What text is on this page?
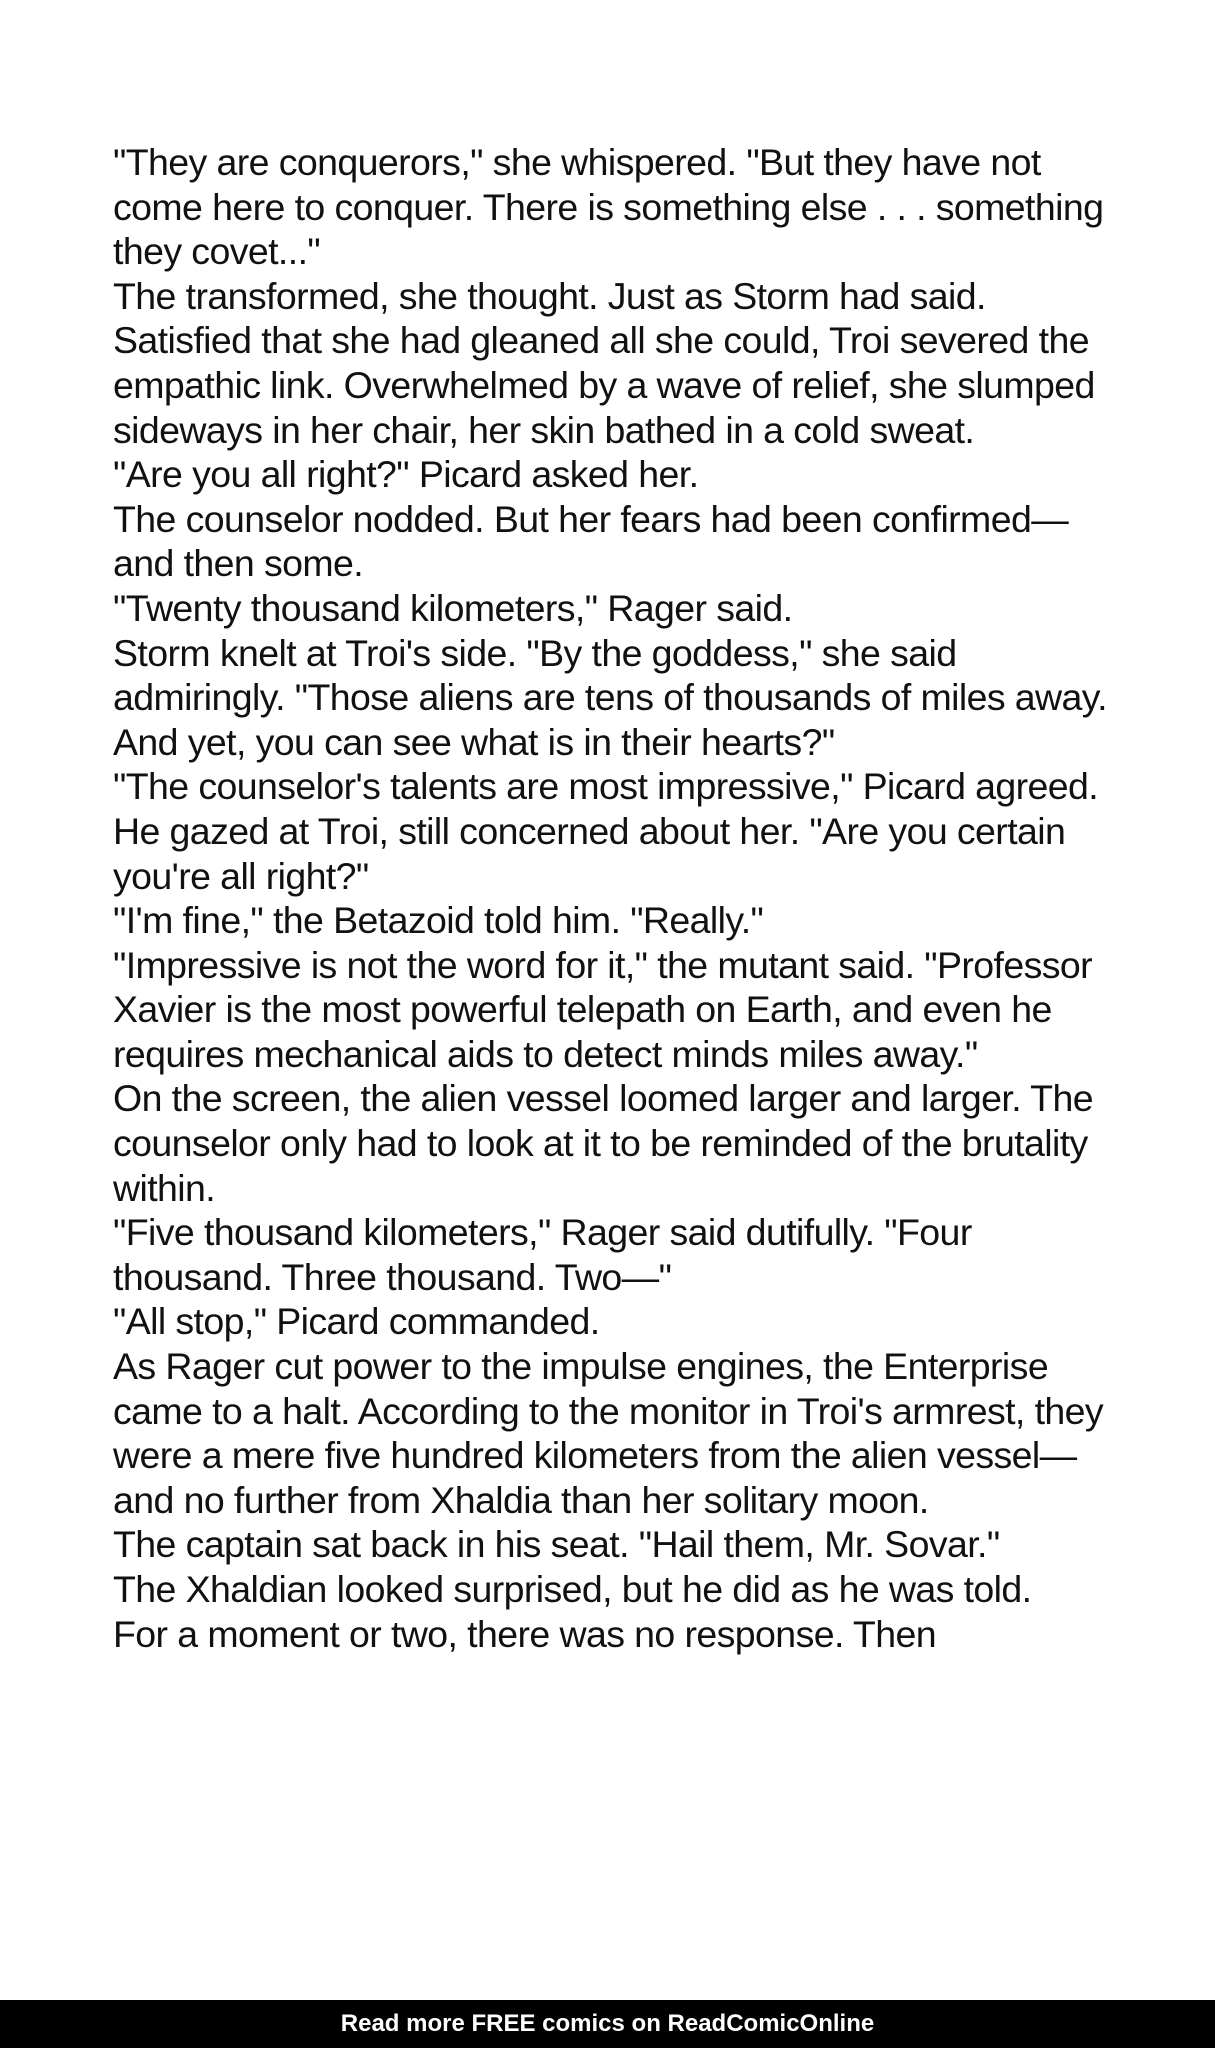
"They are conquerors," she whispered. "But they have not come here to conquer. There is something else . . . something they covet..."

The transformed, she thought. Just as Storm had said. Satisfied that she had gleaned all she could, Troi severed the empathic link. Overwhelmed by a wave of relief, she slumped sideways in her chair, her skin bathed in a cold sweat.

"Are you all right?" Picard asked her.

The counselor nodded. But her fears had been confirmed—and then some.

"Twenty thousand kilometers," Rager said.

Storm knelt at Troi's side. "By the goddess," she said admiringly. "Those aliens are tens of thousands of miles away. And yet, you can see what is in their hearts?"

"The counselor's talents are most impressive," Picard agreed. He gazed at Troi, still concerned about her. "Are you certain you're all right?"

"I'm fine," the Betazoid told him. "Really."

"Impressive is not the word for it," the mutant said. "Professor Xavier is the most powerful telepath on Earth, and even he requires mechanical aids to detect minds miles away."

On the screen, the alien vessel loomed larger and larger. The counselor only had to look at it to be reminded of the brutality within.

"Five thousand kilometers," Rager said dutifully. "Four thousand. Three thousand. Two—"

"All stop," Picard commanded.

As Rager cut power to the impulse engines, the Enterprise came to a halt. According to the monitor in Troi's armrest, they were a mere five hundred kilometers from the alien vessel—and no further from Xhaldia than her solitary moon.

The captain sat back in his seat. "Hail them, Mr. Sovar."

The Xhaldian looked surprised, but he did as he was told.

For a moment or two, there was no response. Then

Read more FREE comics on ReadComicOnline
